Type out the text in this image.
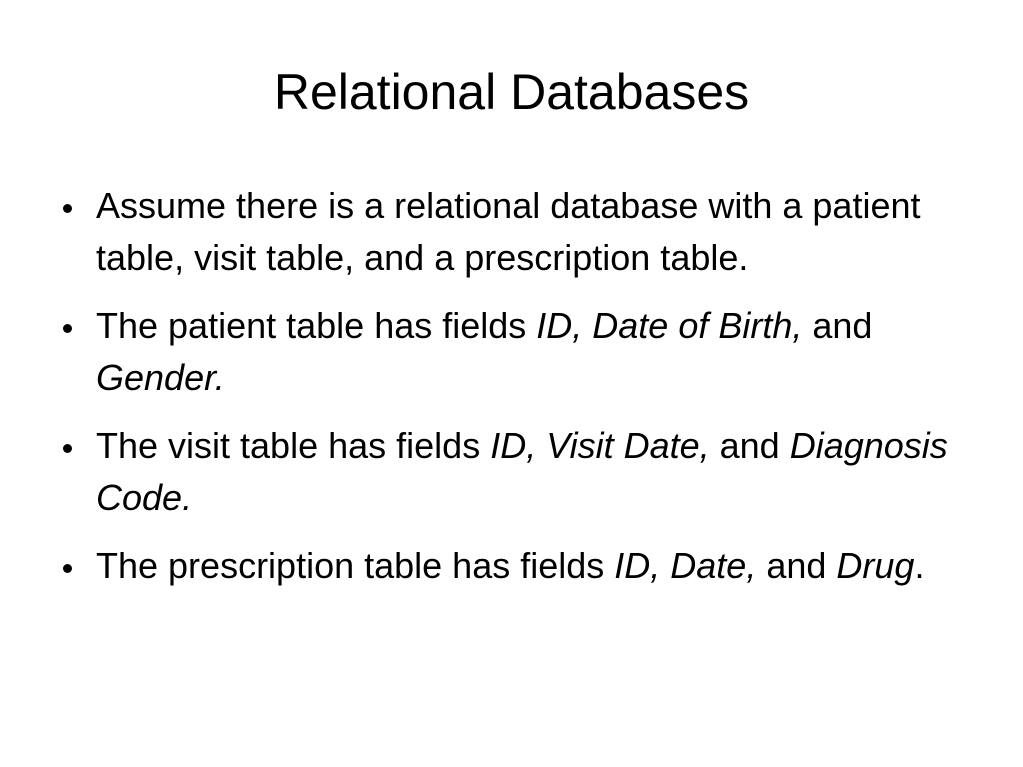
Relational Databases
Assume there is a relational database with a patient table, visit table, and a prescription table.
The patient table has fields ID, Date of Birth, and Gender.
The visit table has fields ID, Visit Date, and Diagnosis Code.
The prescription table has fields ID, Date, and Drug.
